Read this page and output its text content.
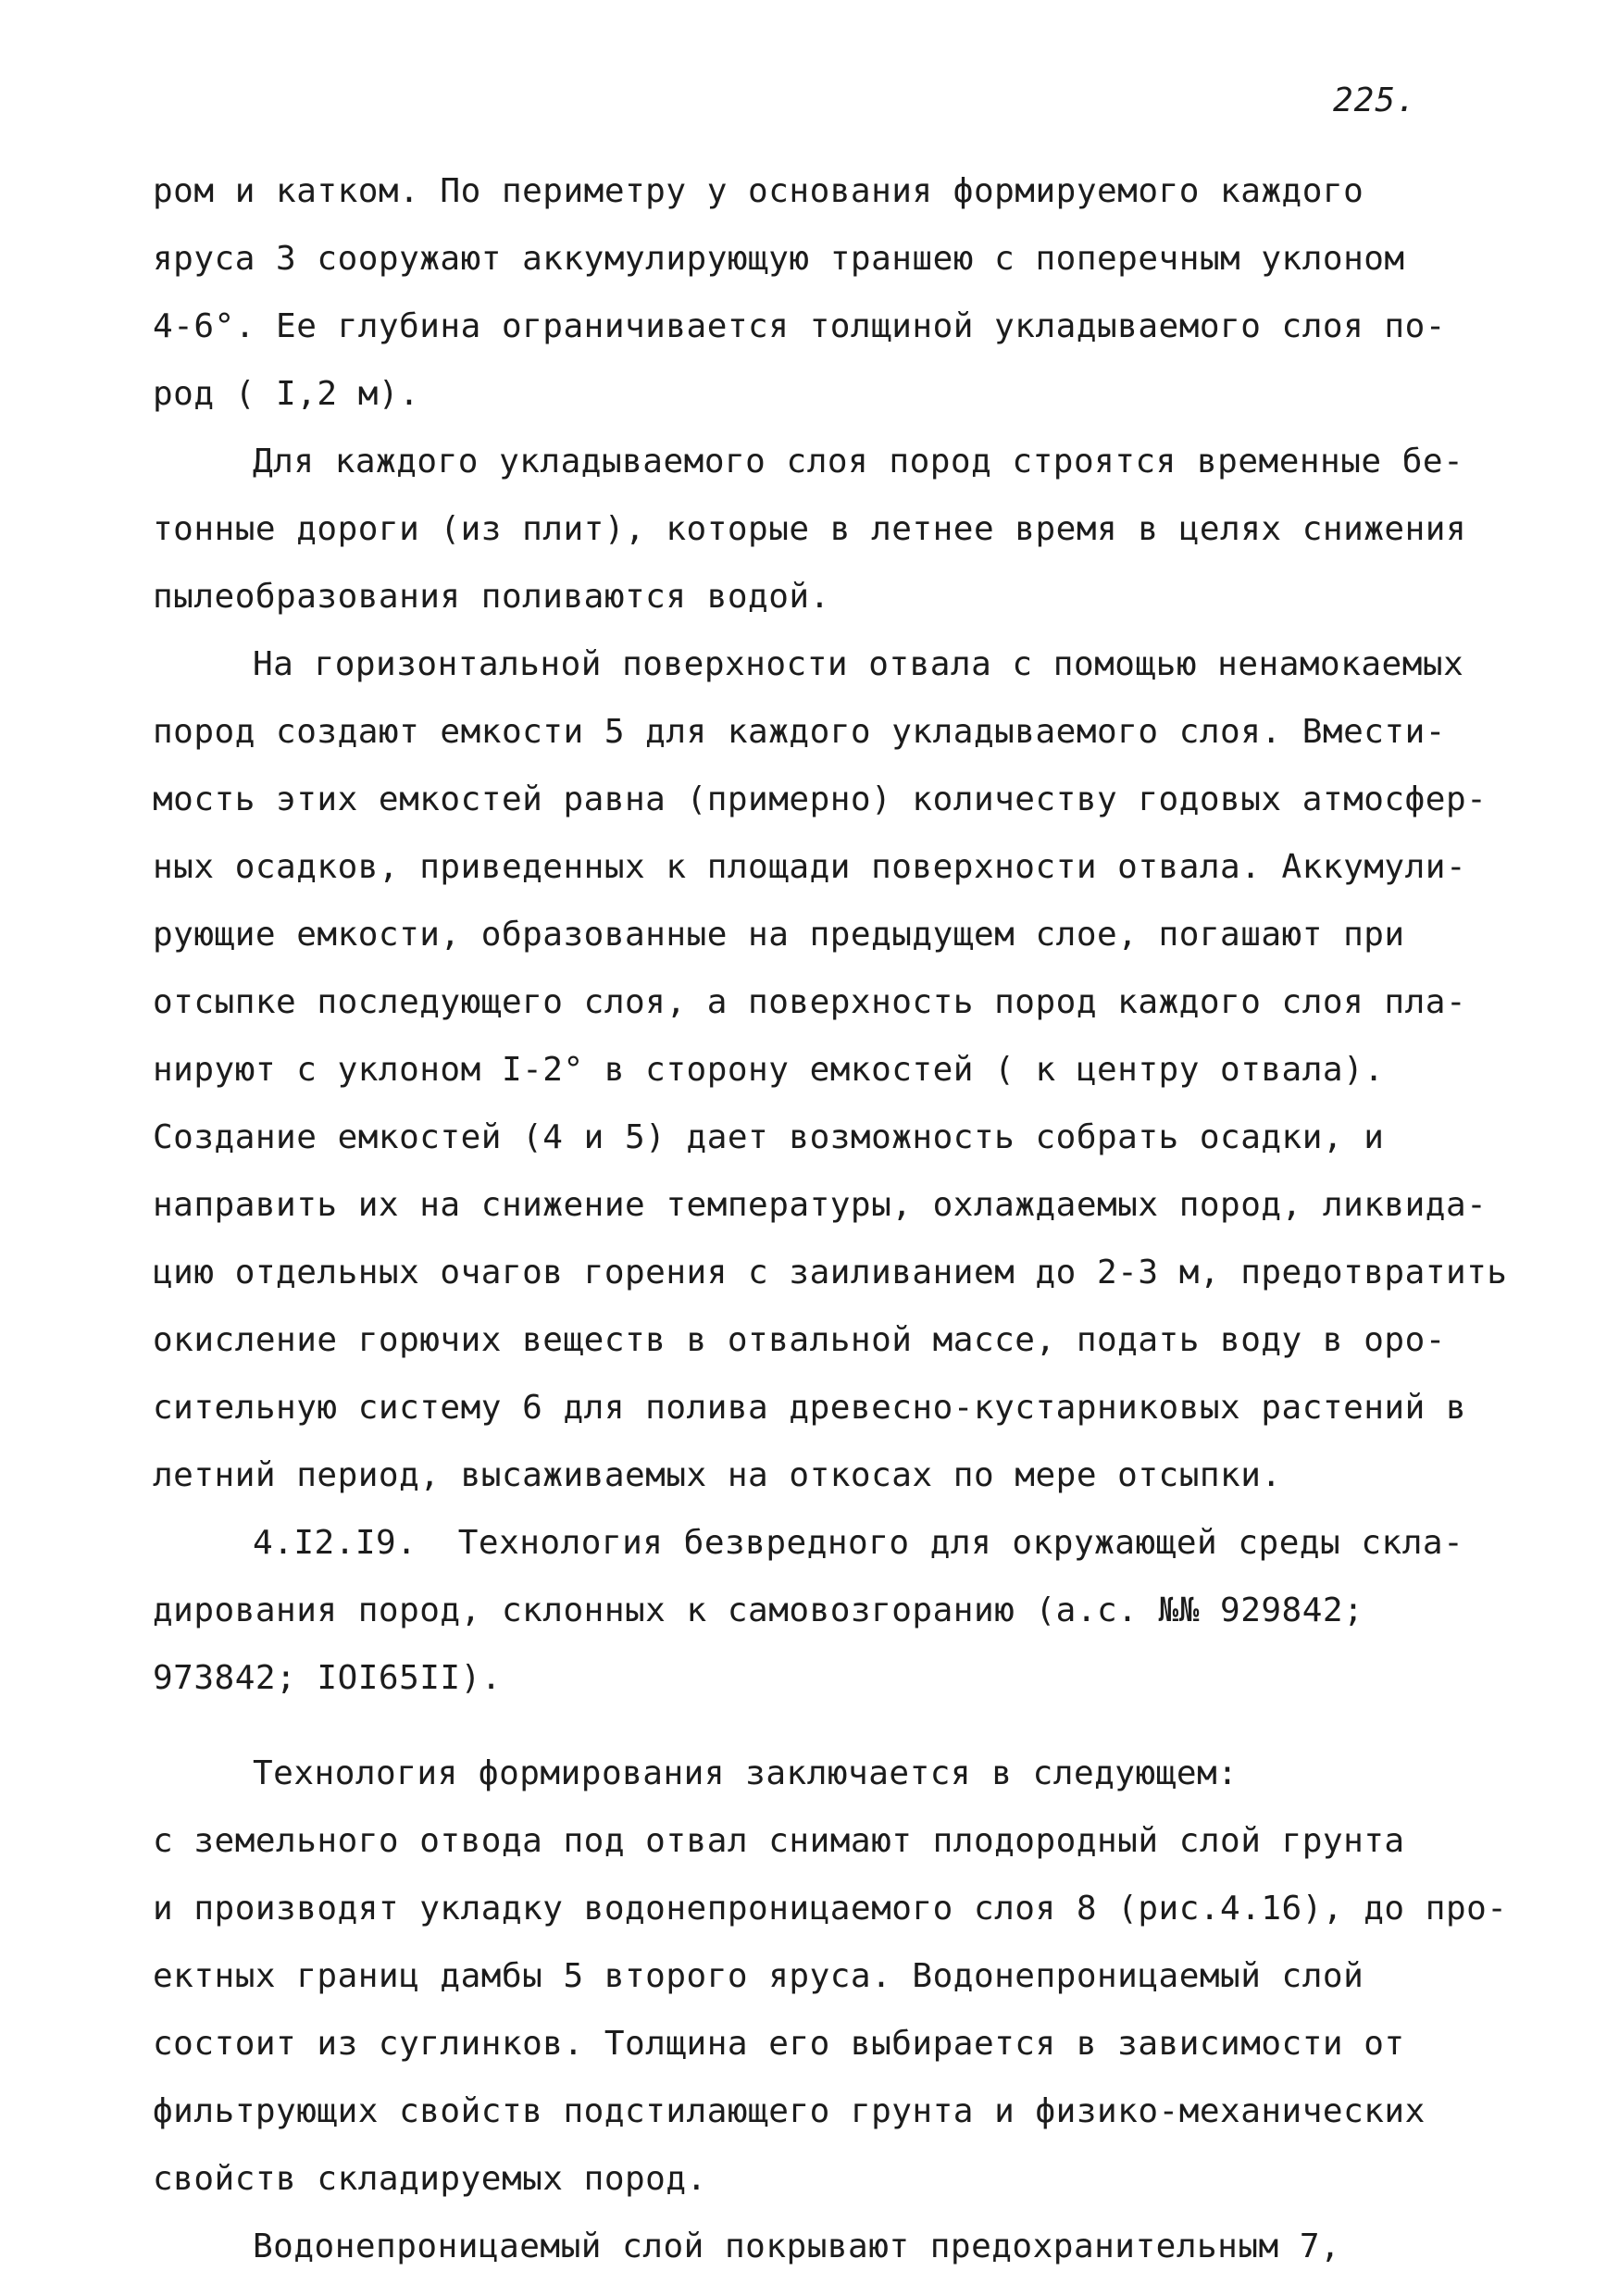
225.
ром и катком. По периметру у основания формируемого каждого
яруса 3 сооружают аккумулирующую траншею с поперечным уклоном
4-6°. Ее глубина ограничивается толщиной укладываемого слоя по-
род ( I,2 м).
Для каждого укладываемого слоя пород строятся временные бе-
тонные дороги (из плит), которые в летнее время в целях снижения
пылеобразования поливаются водой.
На горизонтальной поверхности отвала с помощью ненамокаемых
пород создают емкости 5 для каждого укладываемого слоя. Вмести-
мость этих емкостей равна (примерно) количеству годовых атмосфер-
ных осадков, приведенных к площади поверхности отвала. Аккумули-
рующие емкости, образованные на предыдущем слое, погашают при
отсыпке последующего слоя, а поверхность пород каждого слоя пла-
нируют с уклоном I-2° в сторону емкостей ( к центру отвала).
Создание емкостей (4 и 5) дает возможность собрать осадки, и
направить их на снижение температуры, охлаждаемых пород, ликвида-
цию отдельных очагов горения с заиливанием до 2-3 м, предотвратить
окисление горючих веществ в отвальной массе, подать воду в оро-
сительную систему 6 для полива древесно-кустарниковых растений в
летний период, высаживаемых на откосах по мере отсыпки.
4.I2.I9.  Технология безвредного для окружающей среды скла-
дирования пород, склонных к самовозгоранию (а.с. №№ 929842;
973842; IOI65II).
Технология формирования заключается в следующем:
с земельного отвода под отвал снимают плодородный слой грунта
и производят укладку водонепроницаемого слоя 8 (рис.4.16), до про-
ектных границ дамбы 5 второго яруса. Водонепроницаемый слой
состоит из суглинков. Толщина его выбирается в зависимости от
фильтрующих свойств подстилающего грунта и физико-механических
свойств складируемых пород.
Водонепроницаемый слой покрывают предохранительным 7,
